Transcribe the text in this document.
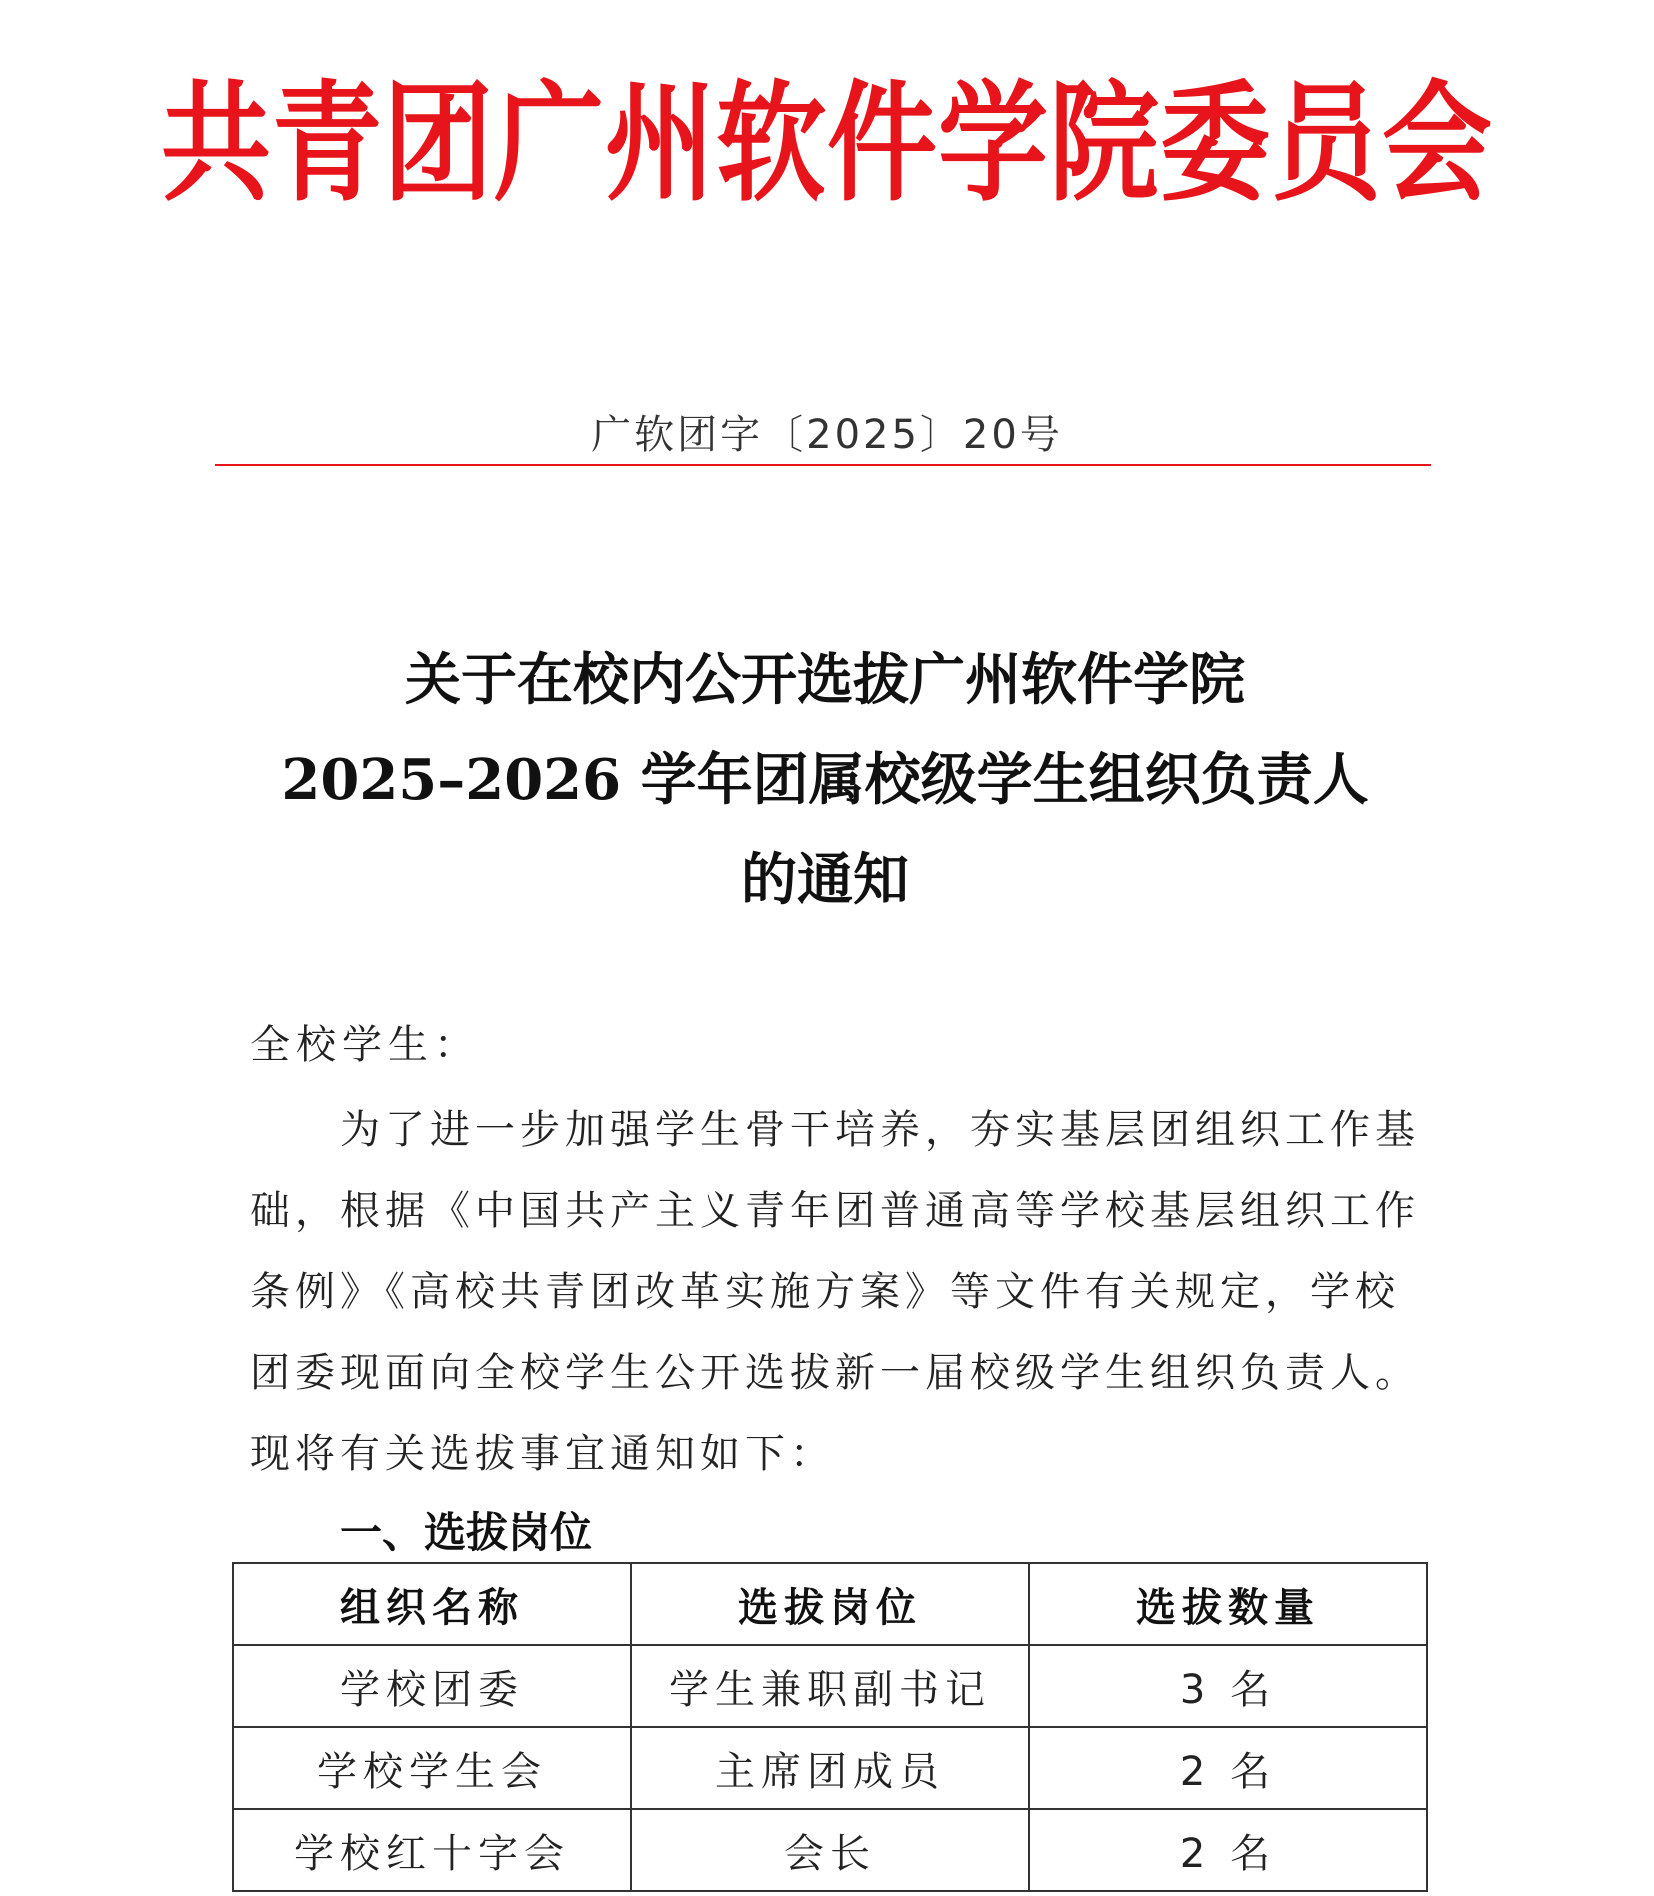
共青团广州软件学院委员会
广软团字〔2025〕20号
关于在校内公开选拔广州软件学院
2025–2026 学年团属校级学生组织负责人
的通知
全校学生：
为了进一步加强学生骨干培养，夯实基层团组织工作基
础，根据《中国共产主义青年团普通高等学校基层组织工作
条例》《高校共青团改革实施方案》等文件有关规定，学校
团委现面向全校学生公开选拔新一届校级学生组织负责人。
现将有关选拔事宜通知如下：
一、选拔岗位
组织名称	选拔岗位	选拔数量
学校团委	学生兼职副书记	3 名
学校学生会	主席团成员	2 名
学校红十字会	会长	2 名
